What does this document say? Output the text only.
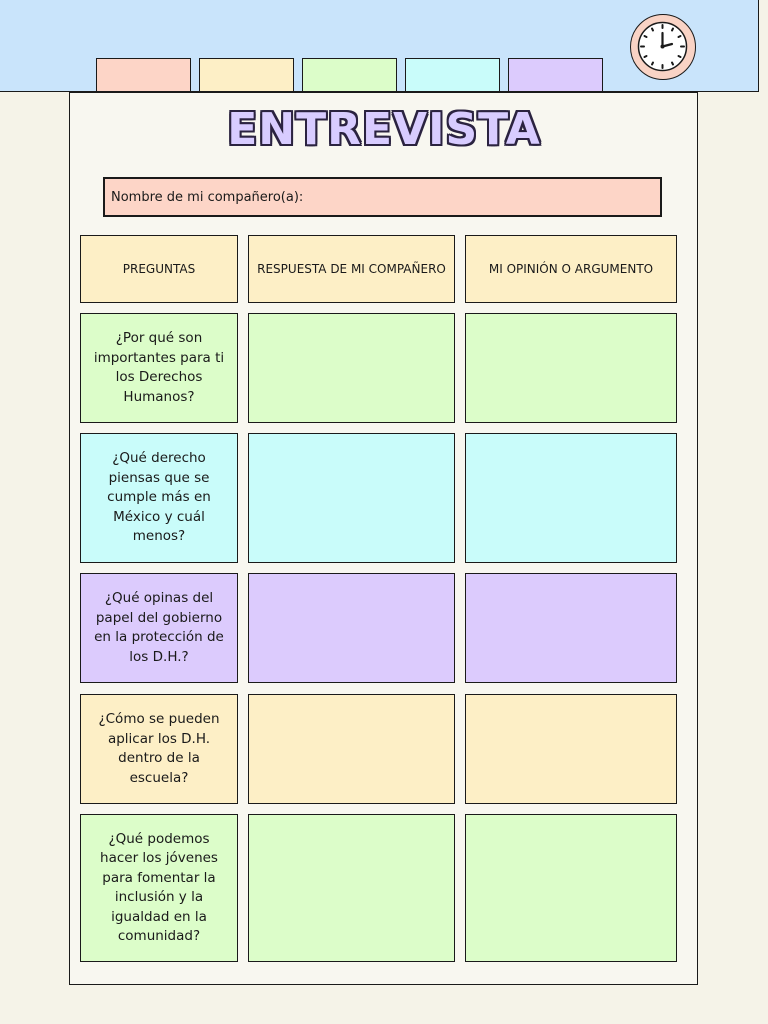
ENTREVISTA
Nombre de mi compañero(a):
PREGUNTAS	RESPUESTA DE MI COMPAÑERO	MI OPINIÓN O ARGUMENTO
¿Por qué son importantes para ti los Derechos Humanos?
¿Qué derecho piensas que se cumple más en México y cuál menos?
¿Qué opinas del papel del gobierno en la protección de los D.H.?
¿Cómo se pueden aplicar los D.H. dentro de la escuela?
¿Qué podemos hacer los jóvenes para fomentar la inclusión y la igualdad en la comunidad?
